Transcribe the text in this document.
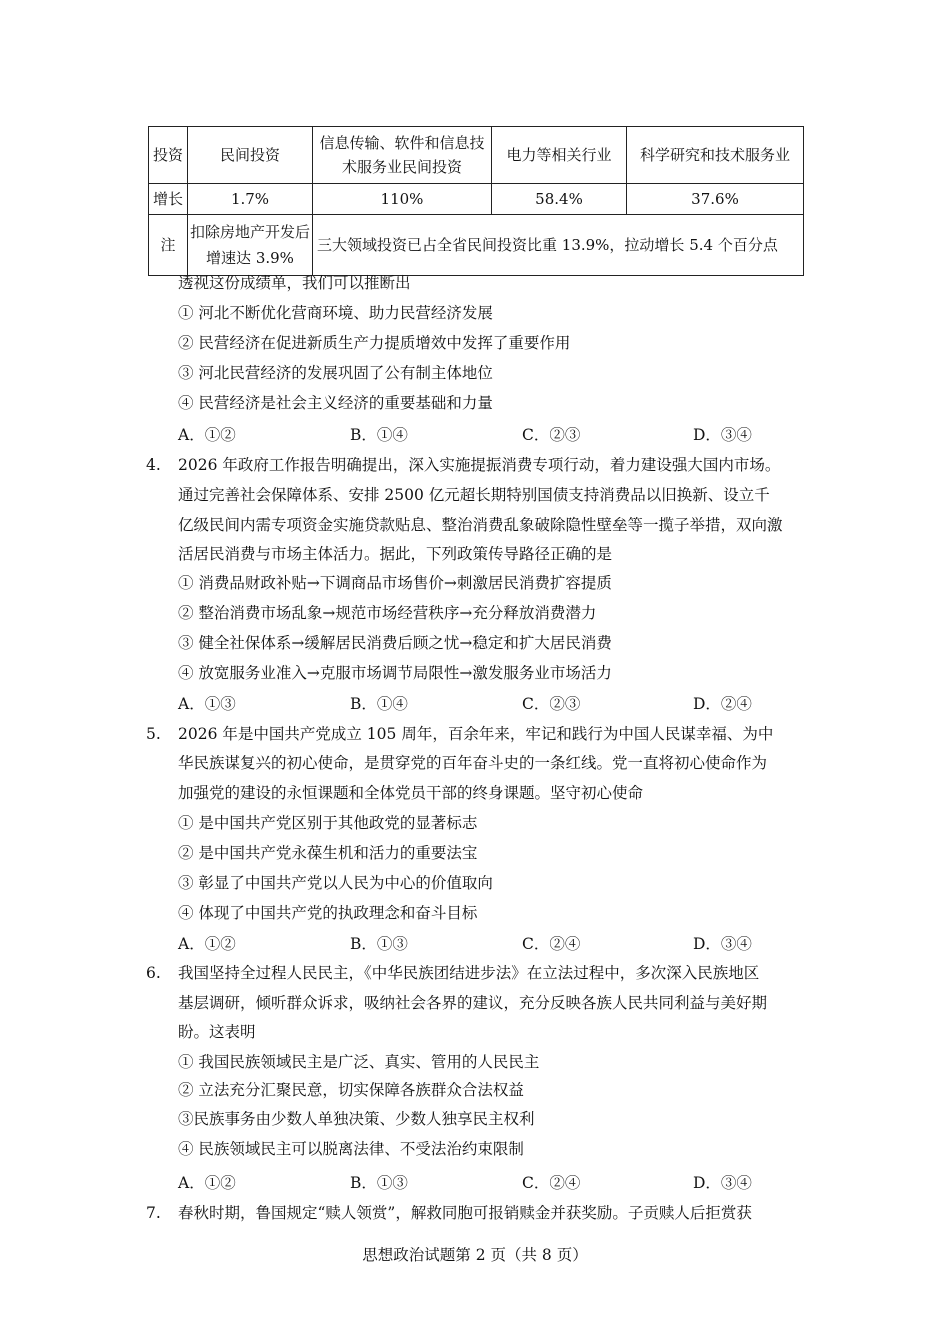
投资	民间投资	信息传输、软件和信息技术服务业民间投资	电力等相关行业	科学研究和技术服务业
增长	1.7%	110%	58.4%	37.6%
注	扣除房地产开发后增速达 3.9%	三大领域投资已占全省民间投资比重 13.9%，拉动增长 5.4 个百分点		
透视这份成绩单，我们可以推断出
① 河北不断优化营商环境、助力民营经济发展
② 民营经济在促进新质生产力提质增效中发挥了重要作用
③ 河北民营经济的发展巩固了公有制主体地位
④ 民营经济是社会主义经济的重要基础和力量
A．①②	B．①④	C．②③	D．③④
4. 2026 年政府工作报告明确提出，深入实施提振消费专项行动，着力建设强大国内市场。
通过完善社会保障体系、安排 2500 亿元超长期特别国债支持消费品以旧换新、设立千
亿级民间内需专项资金实施贷款贴息、整治消费乱象破除隐性壁垒等一揽子举措，双向激
活居民消费与市场主体活力。据此，下列政策传导路径正确的是
① 消费品财政补贴→下调商品市场售价→刺激居民消费扩容提质
② 整治消费市场乱象→规范市场经营秩序→充分释放消费潜力
③ 健全社保体系→缓解居民消费后顾之忧→稳定和扩大居民消费
④ 放宽服务业准入→克服市场调节局限性→激发服务业市场活力
A．①③	B．①④	C．②③	D．②④
5. 2026 年是中国共产党成立 105 周年，百余年来，牢记和践行为中国人民谋幸福、为中
华民族谋复兴的初心使命，是贯穿党的百年奋斗史的一条红线。党一直将初心使命作为
加强党的建设的永恒课题和全体党员干部的终身课题。坚守初心使命
① 是中国共产党区别于其他政党的显著标志
② 是中国共产党永葆生机和活力的重要法宝
③ 彰显了中国共产党以人民为中心的价值取向
④ 体现了中国共产党的执政理念和奋斗目标
A．①②	B．①③	C．②④	D．③④
6. 我国坚持全过程人民民主，《中华民族团结进步法》在立法过程中，多次深入民族地区
基层调研，倾听群众诉求，吸纳社会各界的建议，充分反映各族人民共同利益与美好期
盼。这表明
① 我国民族领域民主是广泛、真实、管用的人民民主
② 立法充分汇聚民意，切实保障各族群众合法权益
③民族事务由少数人单独决策、少数人独享民主权利
④ 民族领域民主可以脱离法律、不受法治约束限制
A．①②	B．①③	C．②④	D．③④
7. 春秋时期，鲁国规定“赎人领赏”，解救同胞可报销赎金并获奖励。子贡赎人后拒赏获
思想政治试题第 2 页（共 8 页）
